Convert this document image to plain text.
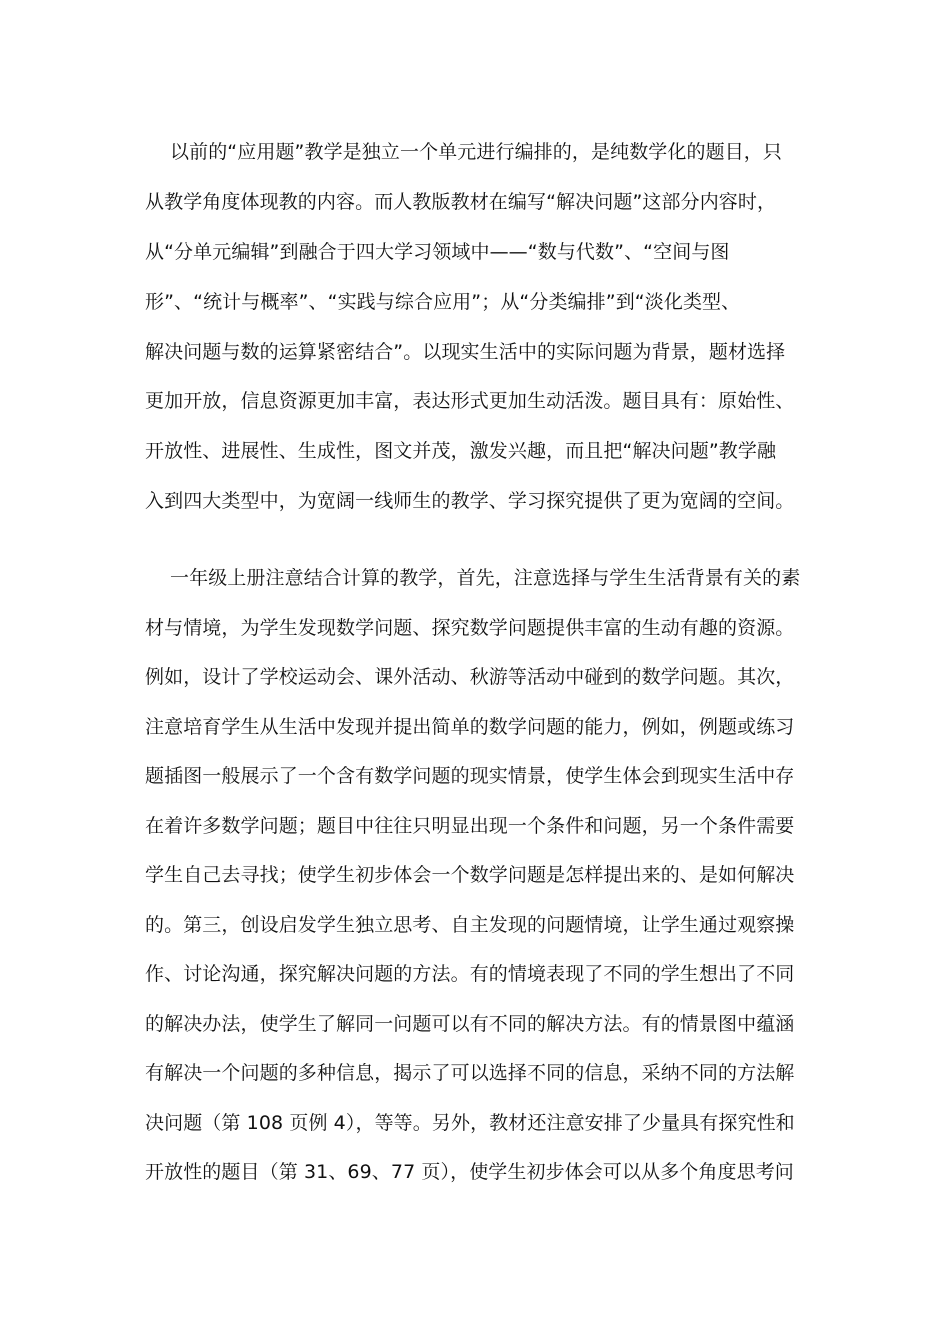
以前的“应用题”教学是独立一个单元进行编排的，是纯数学化的题目，只
从教学角度体现教的内容。而人教版教材在编写“解决问题”这部分内容时，
从“分单元编辑”到融合于四大学习领域中——“数与代数”、“空间与图
形”、“统计与概率”、“实践与综合应用”；从“分类编排”到“淡化类型、
解决问题与数的运算紧密结合”。以现实生活中的实际问题为背景，题材选择
更加开放，信息资源更加丰富，表达形式更加生动活泼。题目具有：原始性、
开放性、进展性、生成性，图文并茂，激发兴趣，而且把“解决问题”教学融
入到四大类型中，为宽阔一线师生的教学、学习探究提供了更为宽阔的空间。
一年级上册注意结合计算的教学，首先，注意选择与学生生活背景有关的素
材与情境，为学生发现数学问题、探究数学问题提供丰富的生动有趣的资源。
例如，设计了学校运动会、课外活动、秋游等活动中碰到的数学问题。其次，
注意培育学生从生活中发现并提出简单的数学问题的能力，例如，例题或练习
题插图一般展示了一个含有数学问题的现实情景，使学生体会到现实生活中存
在着许多数学问题；题目中往往只明显出现一个条件和问题，另一个条件需要
学生自己去寻找；使学生初步体会一个数学问题是怎样提出来的、是如何解决
的。第三，创设启发学生独立思考、自主发现的问题情境，让学生通过观察操
作、讨论沟通，探究解决问题的方法。有的情境表现了不同的学生想出了不同
的解决办法，使学生了解同一问题可以有不同的解决方法。有的情景图中蕴涵
有解决一个问题的多种信息，揭示了可以选择不同的信息，采纳不同的方法解
决问题（第 108 页例 4），等等。另外，教材还注意安排了少量具有探究性和
开放性的题目（第 31、69、77 页），使学生初步体会可以从多个角度思考问
